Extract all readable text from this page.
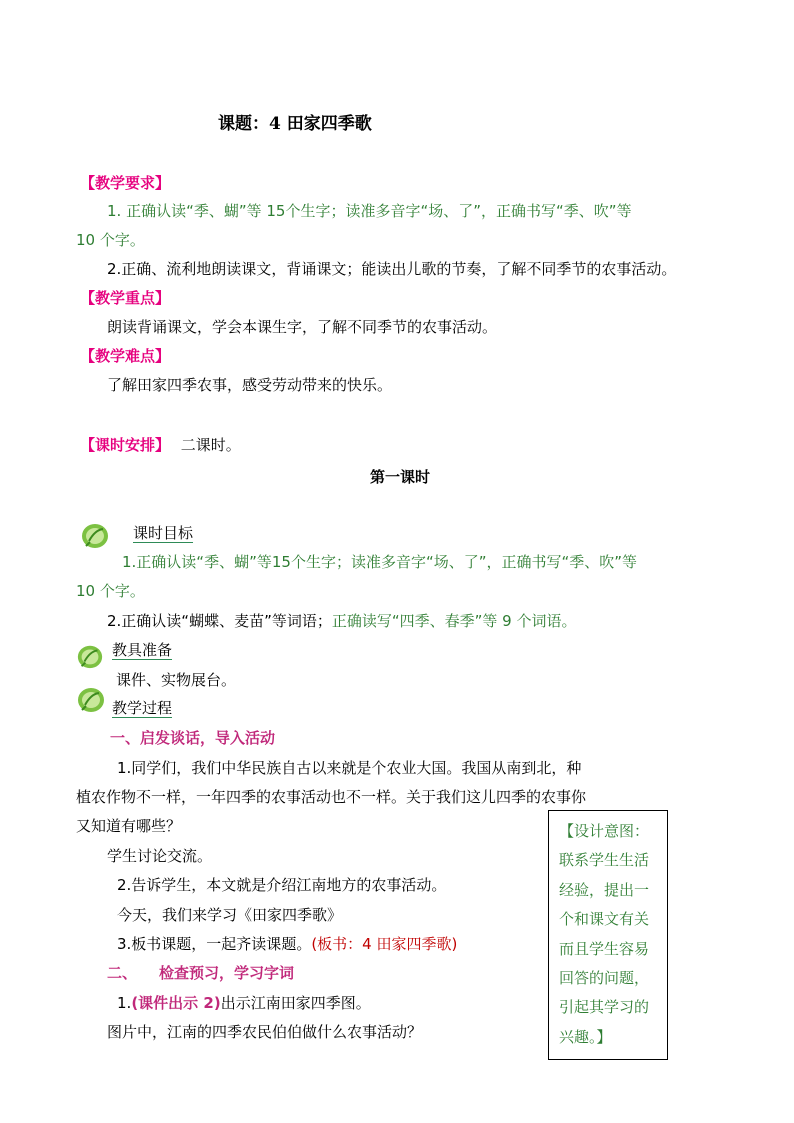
课题：4 田家四季歌
【教学要求】
1. 正确认读“季、蝴”等 15个生字；读准多音字“场、了”，正确书写“季、吹”等
10 个字。
2.正确、流利地朗读课文，背诵课文；能读出儿歌的节奏，了解不同季节的农事活动。
【教学重点】
朗读背诵课文，学会本课生字，了解不同季节的农事活动。
【教学难点】
了解田家四季农事，感受劳动带来的快乐。
【课时安排】 二课时。
第一课时
课时目标
1.正确认读“季、蝴”等15个生字；读准多音字“场、了”，正确书写“季、吹”等
10 个字。
2.正确认读“蝴蝶、麦苗”等词语；正确读写“四季、春季”等 9 个词语。
教具准备
课件、实物展台。
教学过程
一、启发谈话，导入活动
1.同学们，我们中华民族自古以来就是个农业大国。我国从南到北，种
植农作物不一样，一年四季的农事活动也不一样。关于我们这儿四季的农事你
又知道有哪些？
学生讨论交流。
2.告诉学生，本文就是介绍江南地方的农事活动。
今天，我们来学习《田家四季歌》
3.板书课题，一起齐读课题。(板书：4 田家四季歌)
二、 检查预习，学习字词
1.(课件出示 2)出示江南田家四季图。
图片中，江南的四季农民伯伯做什么农事活动？
【设计意图：
联系学生生活
经验，提出一
个和课文有关
而且学生容易
回答的问题，
引起其学习的
兴趣。】
